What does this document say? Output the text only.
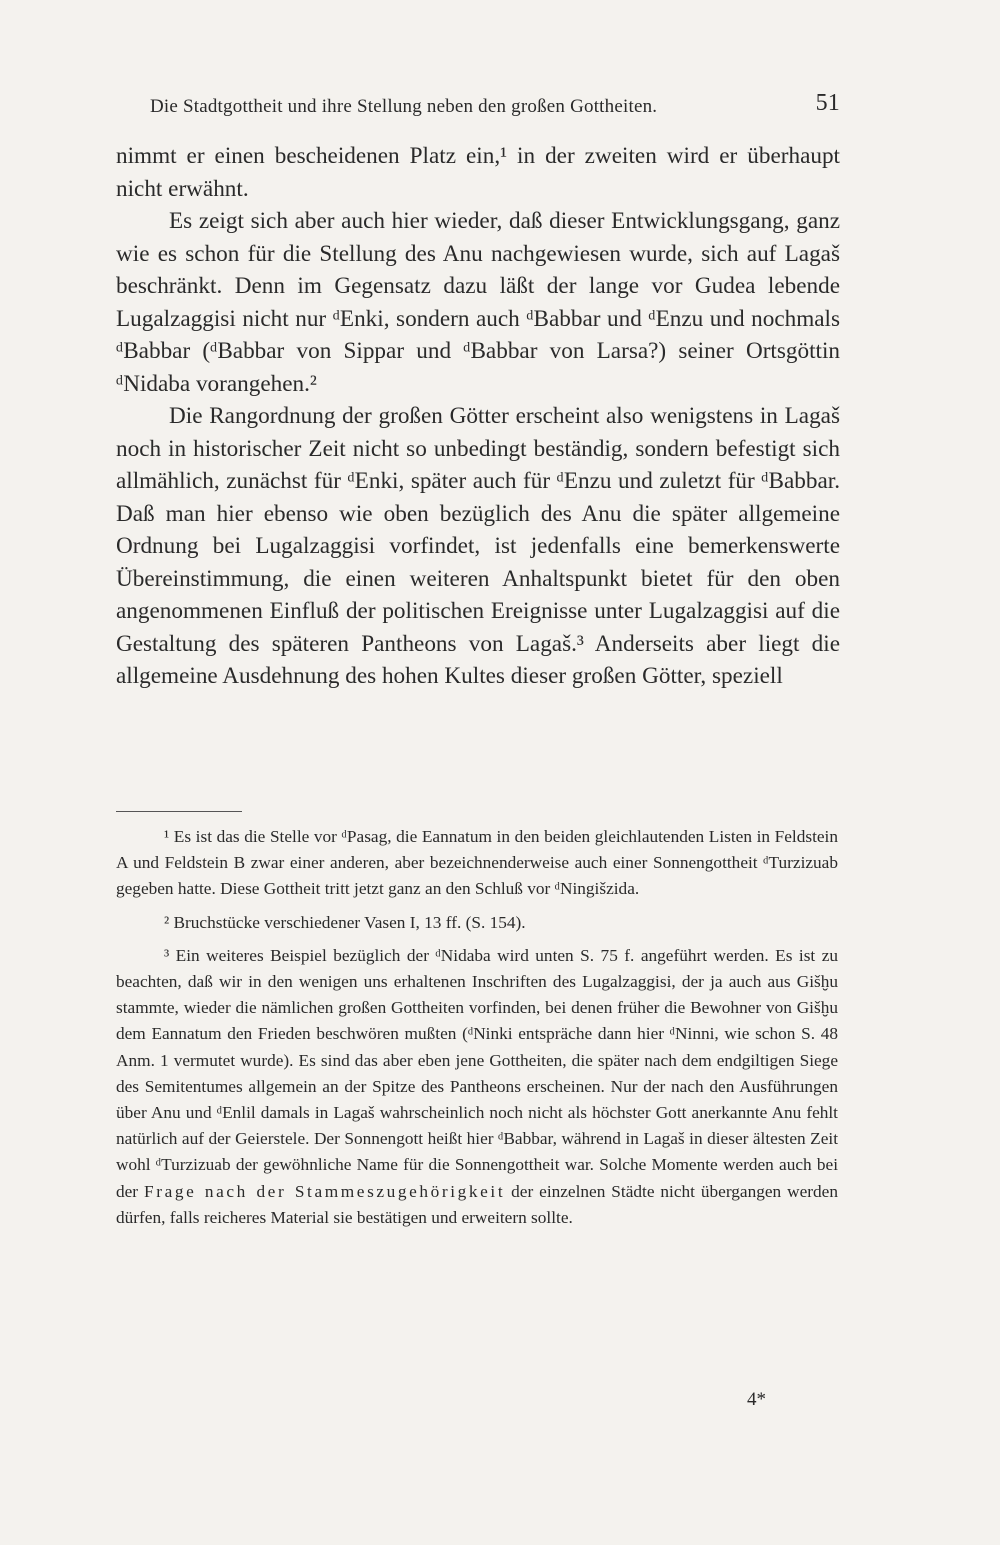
Die Stadtgottheit und ihre Stellung neben den großen Gottheiten.	51

nimmt er einen bescheidenen Platz ein,¹ in der zweiten wird er überhaupt nicht erwähnt.

Es zeigt sich aber auch hier wieder, daß dieser Entwicklungsgang, ganz wie es schon für die Stellung des Anu nachgewiesen wurde, sich auf Lagaš beschränkt. Denn im Gegensatz dazu läßt der lange vor Gudea lebende Lugalzaggisi nicht nur ᵈEnki, sondern auch ᵈBabbar und ᵈEnzu und nochmals ᵈBabbar (ᵈBabbar von Sippar und ᵈBabbar von Larsa?) seiner Ortsgöttin ᵈNidaba vorangehen.²

Die Rangordnung der großen Götter erscheint also wenigstens in Lagaš noch in historischer Zeit nicht so unbedingt beständig, sondern befestigt sich allmählich, zunächst für ᵈEnki, später auch für ᵈEnzu und zuletzt für ᵈBabbar. Daß man hier ebenso wie oben bezüglich des Anu die später allgemeine Ordnung bei Lugalzaggisi vorfindet, ist jedenfalls eine bemerkenswerte Übereinstimmung, die einen weiteren Anhaltspunkt bietet für den oben angenommenen Einfluß der politischen Ereignisse unter Lugalzaggisi auf die Gestaltung des späteren Pantheons von Lagaš.³ Anderseits aber liegt die allgemeine Ausdehnung des hohen Kultes dieser großen Götter, speziell

¹ Es ist das die Stelle vor ᵈPasag, die Eannatum in den beiden gleichlautenden Listen in Feldstein A und Feldstein B zwar einer anderen, aber bezeichnenderweise auch einer Sonnengottheit ᵈTurzizuab gegeben hatte. Diese Gottheit tritt jetzt ganz an den Schluß vor ᵈNingišzida.

² Bruchstücke verschiedener Vasen I, 13 ff. (S. 154).

³ Ein weiteres Beispiel bezüglich der ᵈNidaba wird unten S. 75 f. angeführt werden. Es ist zu beachten, daß wir in den wenigen uns erhaltenen Inschriften des Lugalzaggisi, der ja auch aus Gišḫu stammte, wieder die nämlichen großen Gottheiten vorfinden, bei denen früher die Bewohner von Gišḫu dem Eannatum den Frieden beschwören mußten (ᵈNinki entspräche dann hier ᵈNinni, wie schon S. 48 Anm. 1 vermutet wurde). Es sind das aber eben jene Gottheiten, die später nach dem endgiltigen Siege des Semitentumes allgemein an der Spitze des Pantheons erscheinen. Nur der nach den Ausführungen über Anu und ᵈEnlil damals in Lagaš wahrscheinlich noch nicht als höchster Gott anerkannte Anu fehlt natürlich auf der Geierstele. Der Sonnengott heißt hier ᵈBabbar, während in Lagaš in dieser ältesten Zeit wohl ᵈTurzizuab der gewöhnliche Name für die Sonnengottheit war. Solche Momente werden auch bei der Frage nach der Stammeszugehörigkeit der einzelnen Städte nicht übergangen werden dürfen, falls reicheres Material sie bestätigen und erweitern sollte.

4*
